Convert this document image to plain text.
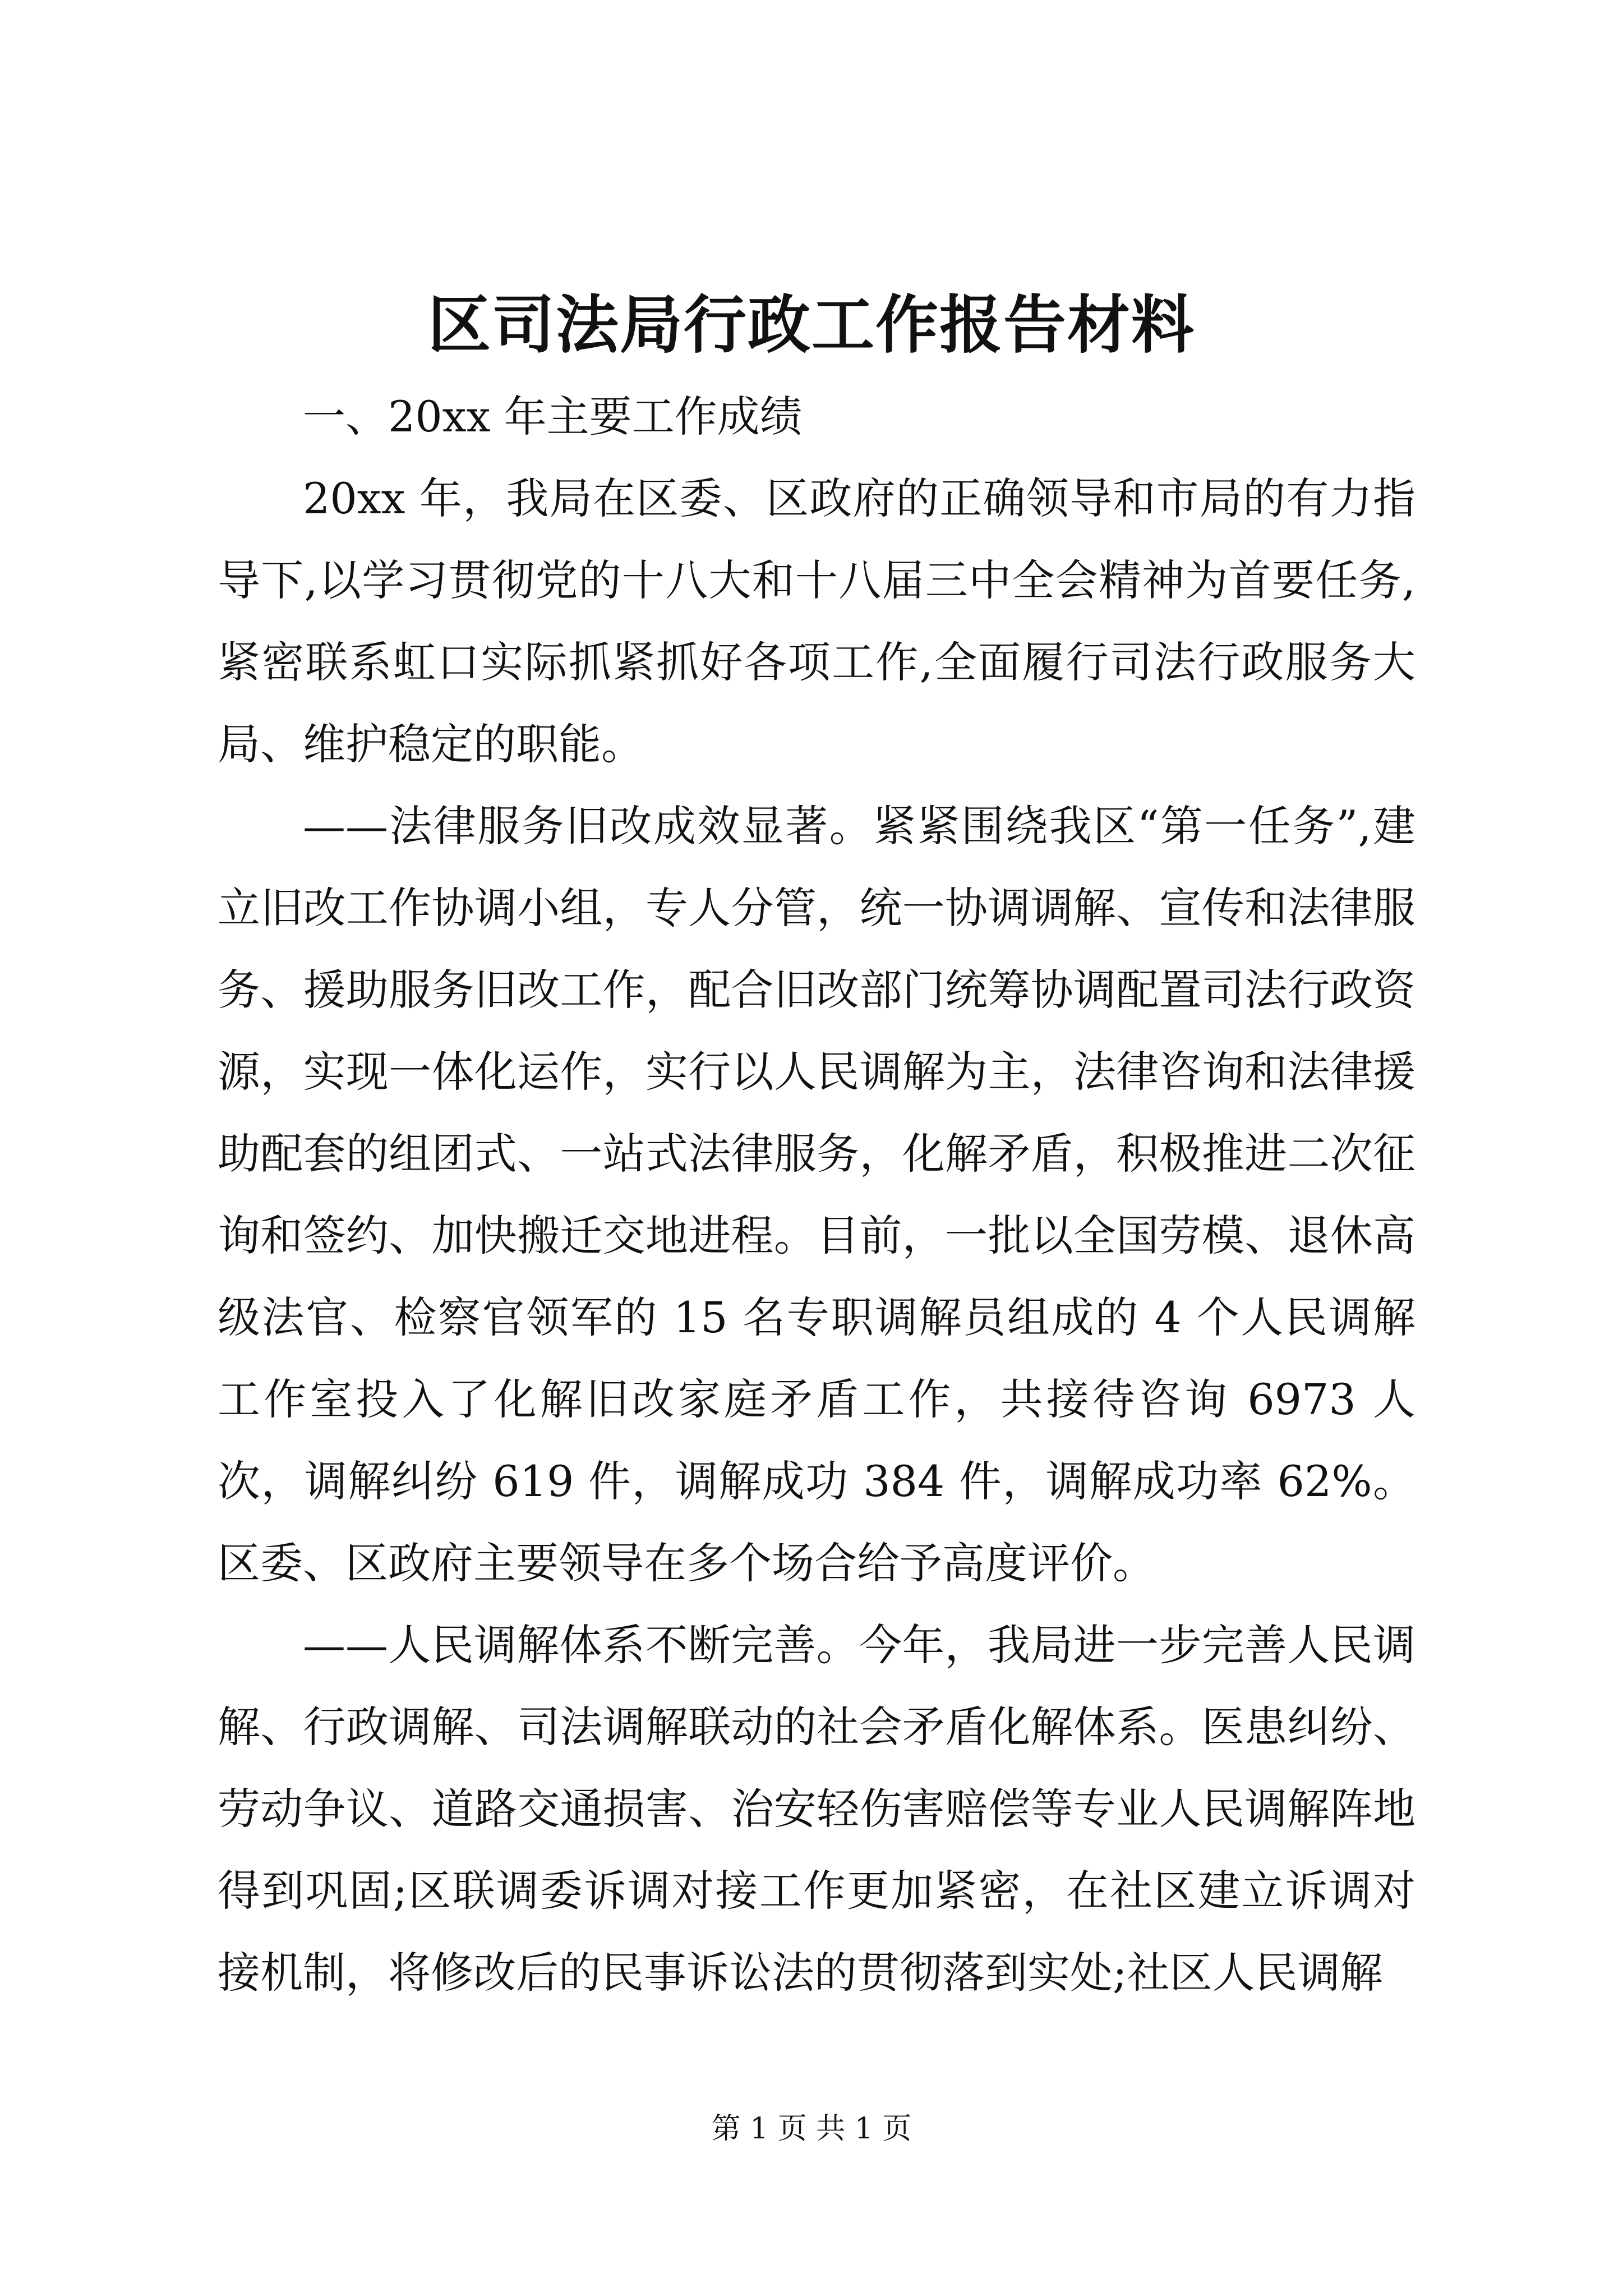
区司法局行政工作报告材料

一、20xx 年主要工作成绩

20xx 年，我局在区委、区政府的正确领导和市局的有力指导下,以学习贯彻党的十八大和十八届三中全会精神为首要任务,紧密联系虹口实际抓紧抓好各项工作,全面履行司法行政服务大局、维护稳定的职能。

——法律服务旧改成效显著。紧紧围绕我区“第一任务”,建立旧改工作协调小组，专人分管，统一协调调解、宣传和法律服务、援助服务旧改工作，配合旧改部门统筹协调配置司法行政资源，实现一体化运作，实行以人民调解为主，法律咨询和法律援助配套的组团式、一站式法律服务，化解矛盾，积极推进二次征询和签约、加快搬迁交地进程。目前，一批以全国劳模、退休高级法官、检察官领军的 15 名专职调解员组成的 4 个人民调解工作室投入了化解旧改家庭矛盾工作，共接待咨询 6973 人次，调解纠纷 619 件，调解成功 384 件，调解成功率 62%。区委、区政府主要领导在多个场合给予高度评价。

——人民调解体系不断完善。今年，我局进一步完善人民调解、行政调解、司法调解联动的社会矛盾化解体系。医患纠纷、劳动争议、道路交通损害、治安轻伤害赔偿等专业人民调解阵地得到巩固;区联调委诉调对接工作更加紧密，在社区建立诉调对接机制，将修改后的民事诉讼法的贯彻落到实处;社区人民调解

第 1 页 共 1 页
